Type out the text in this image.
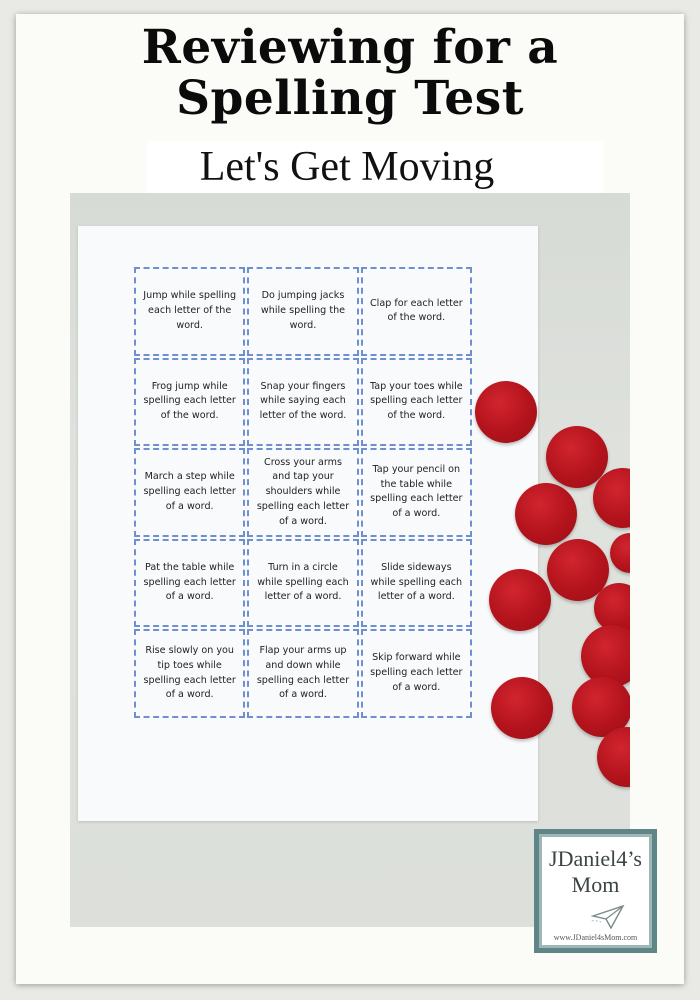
Reviewing for a
Spelling Test
Let's Get Moving
Jump while spelling each letter of the word.
Do jumping jacks while spelling the word.
Clap for each letter of the word.
Frog jump while spelling each letter of the word.
Snap your fingers while saying each letter of the word.
Tap your toes while spelling each letter of the word.
March a step while spelling each letter of a word.
Cross your arms and tap your shoulders while spelling each letter of a word.
Tap your pencil on the table while spelling each letter of a word.
Pat the table while spelling each letter of a word.
Turn in a circle while spelling each letter of a word.
Slide sideways while spelling each letter of a word.
Rise slowly on you tip toes while spelling each letter of a word.
Flap your arms up and down while spelling each letter of a word.
Skip forward while spelling each letter of a word.
JDaniel4’s
Mom
www.JDaniel4sMom.com
